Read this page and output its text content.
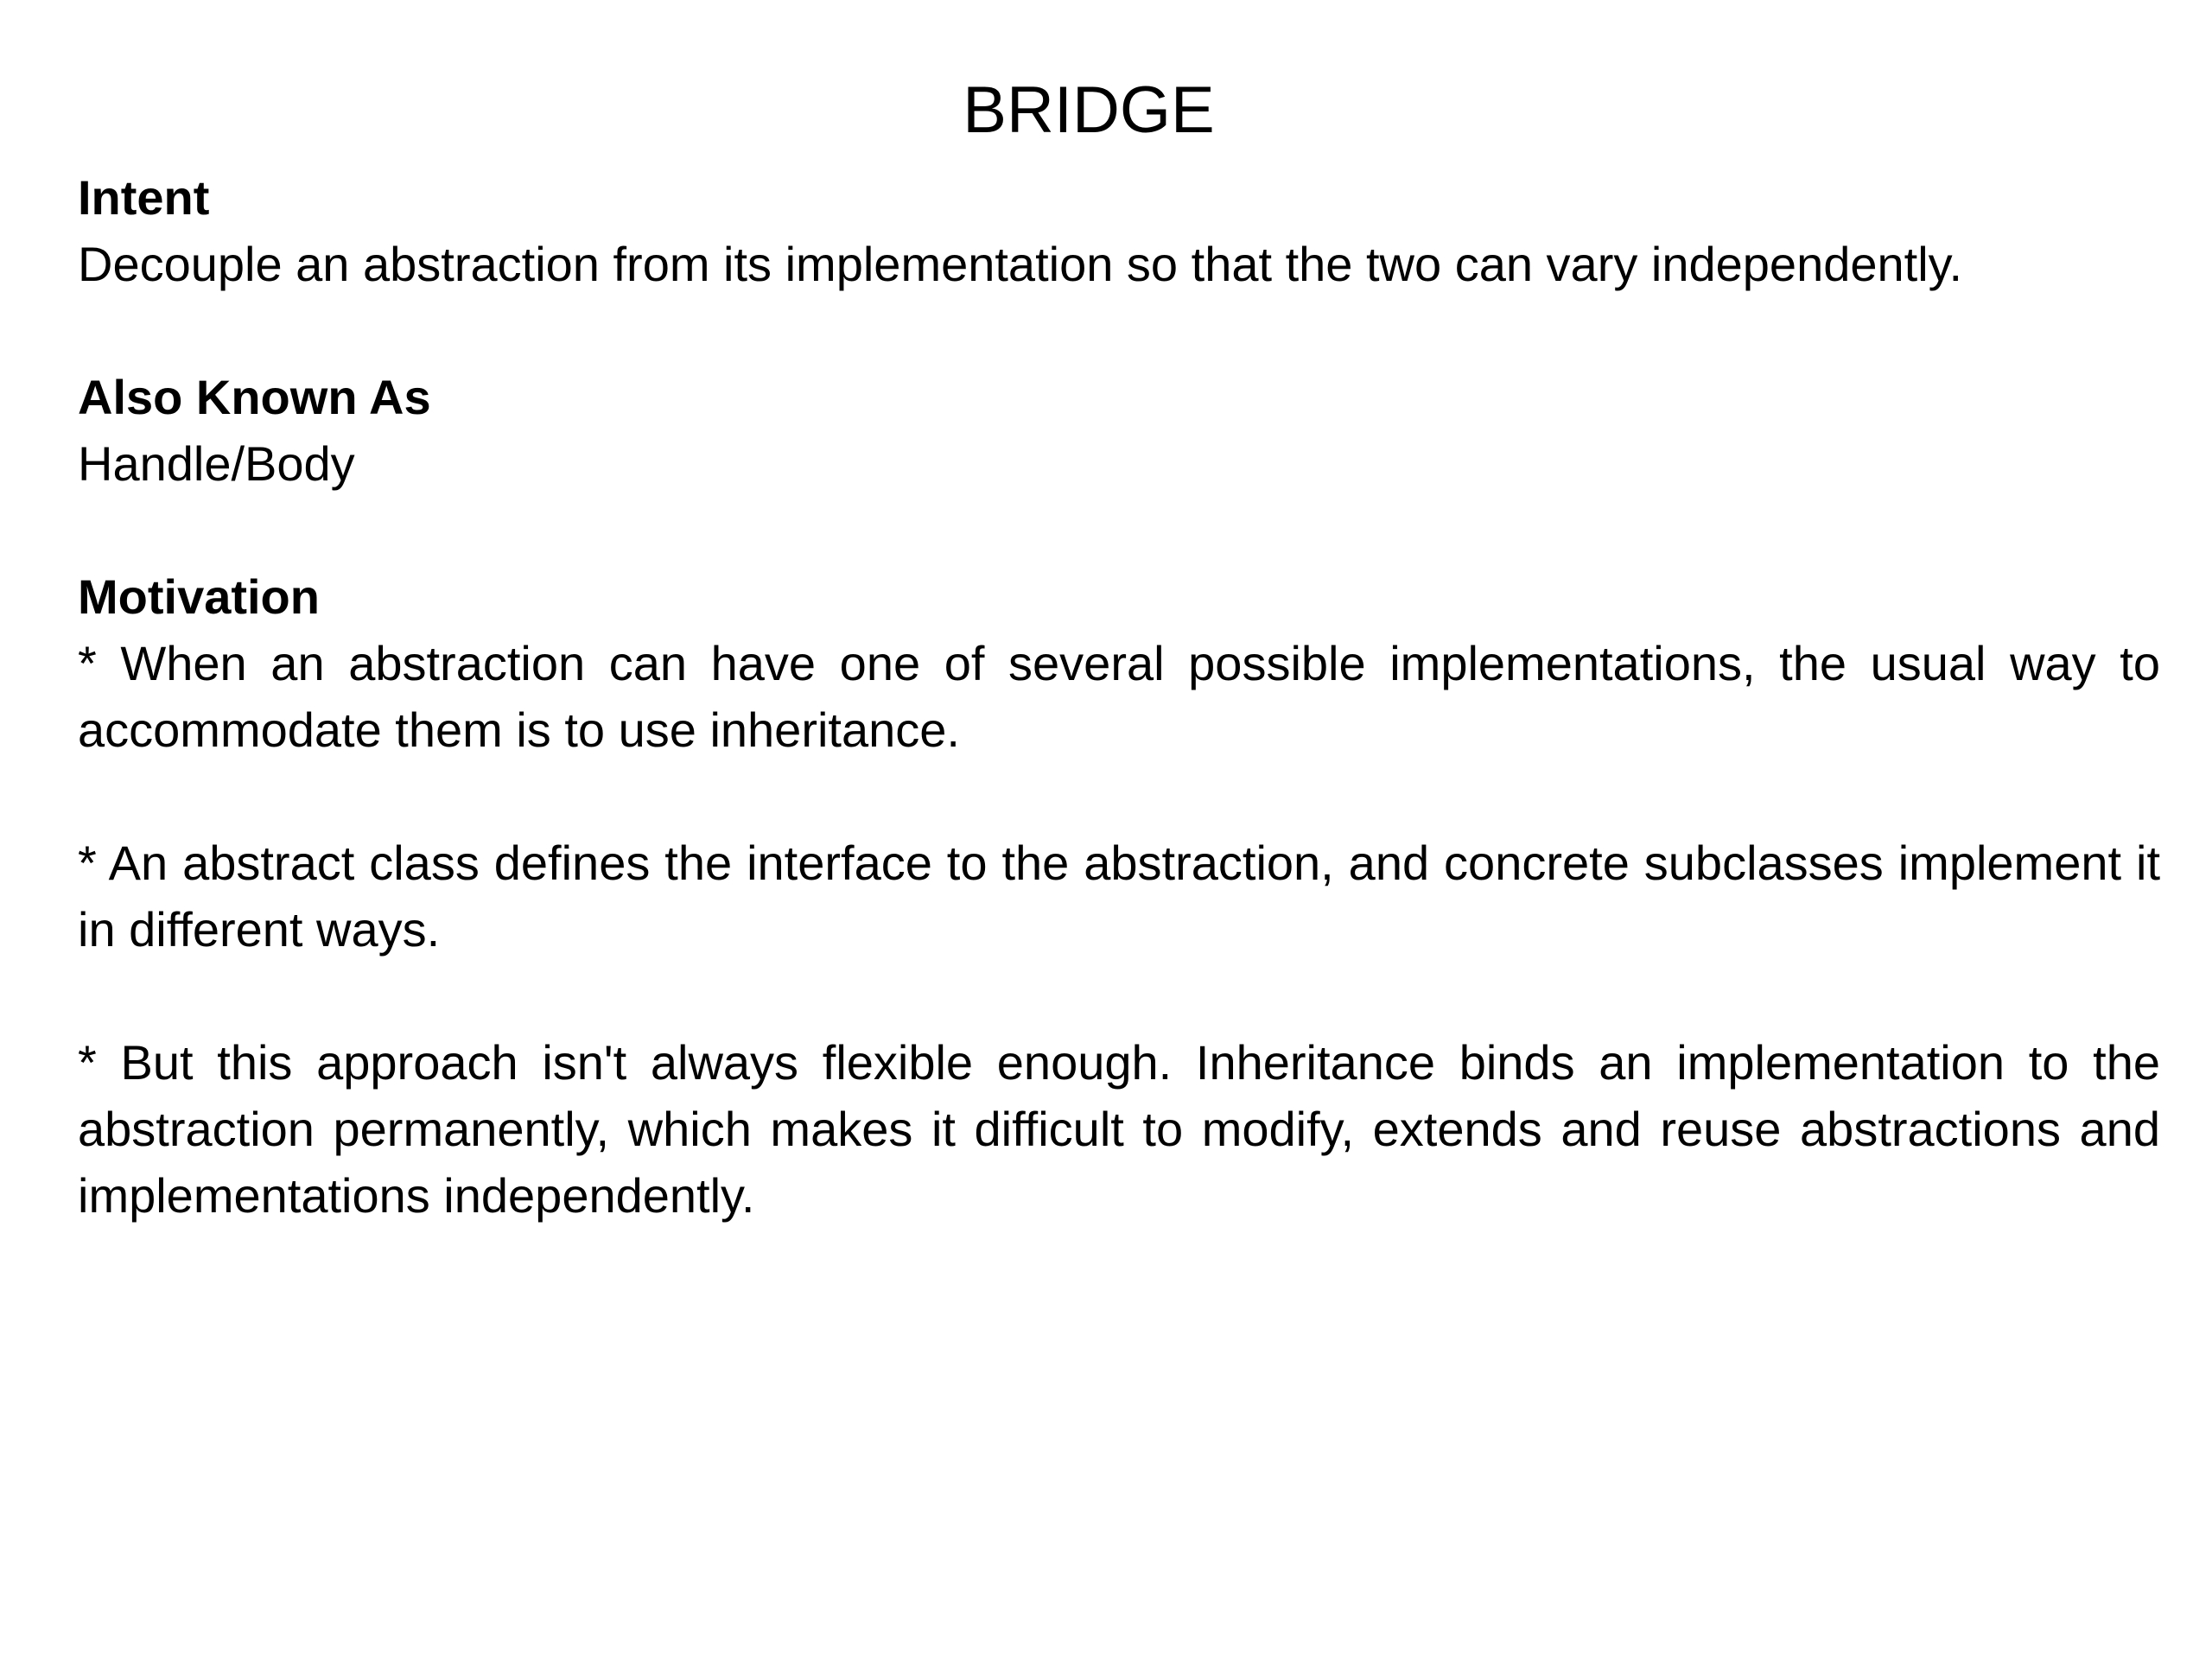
BRIDGE

Intent

Decouple an abstraction from its implementation so that the two can vary independently.

Also Known As

Handle/Body

Motivation

* When an abstraction can have one of several possible implementations, the usual way to accommodate them is to use inheritance.

* An abstract class defines the interface to the abstraction, and concrete subclasses implement it in different ways.

* But this approach isn't always flexible enough. Inheritance binds an implementation to the abstraction permanently, which makes it difficult to modify, extends and reuse abstractions and implementations independently.
